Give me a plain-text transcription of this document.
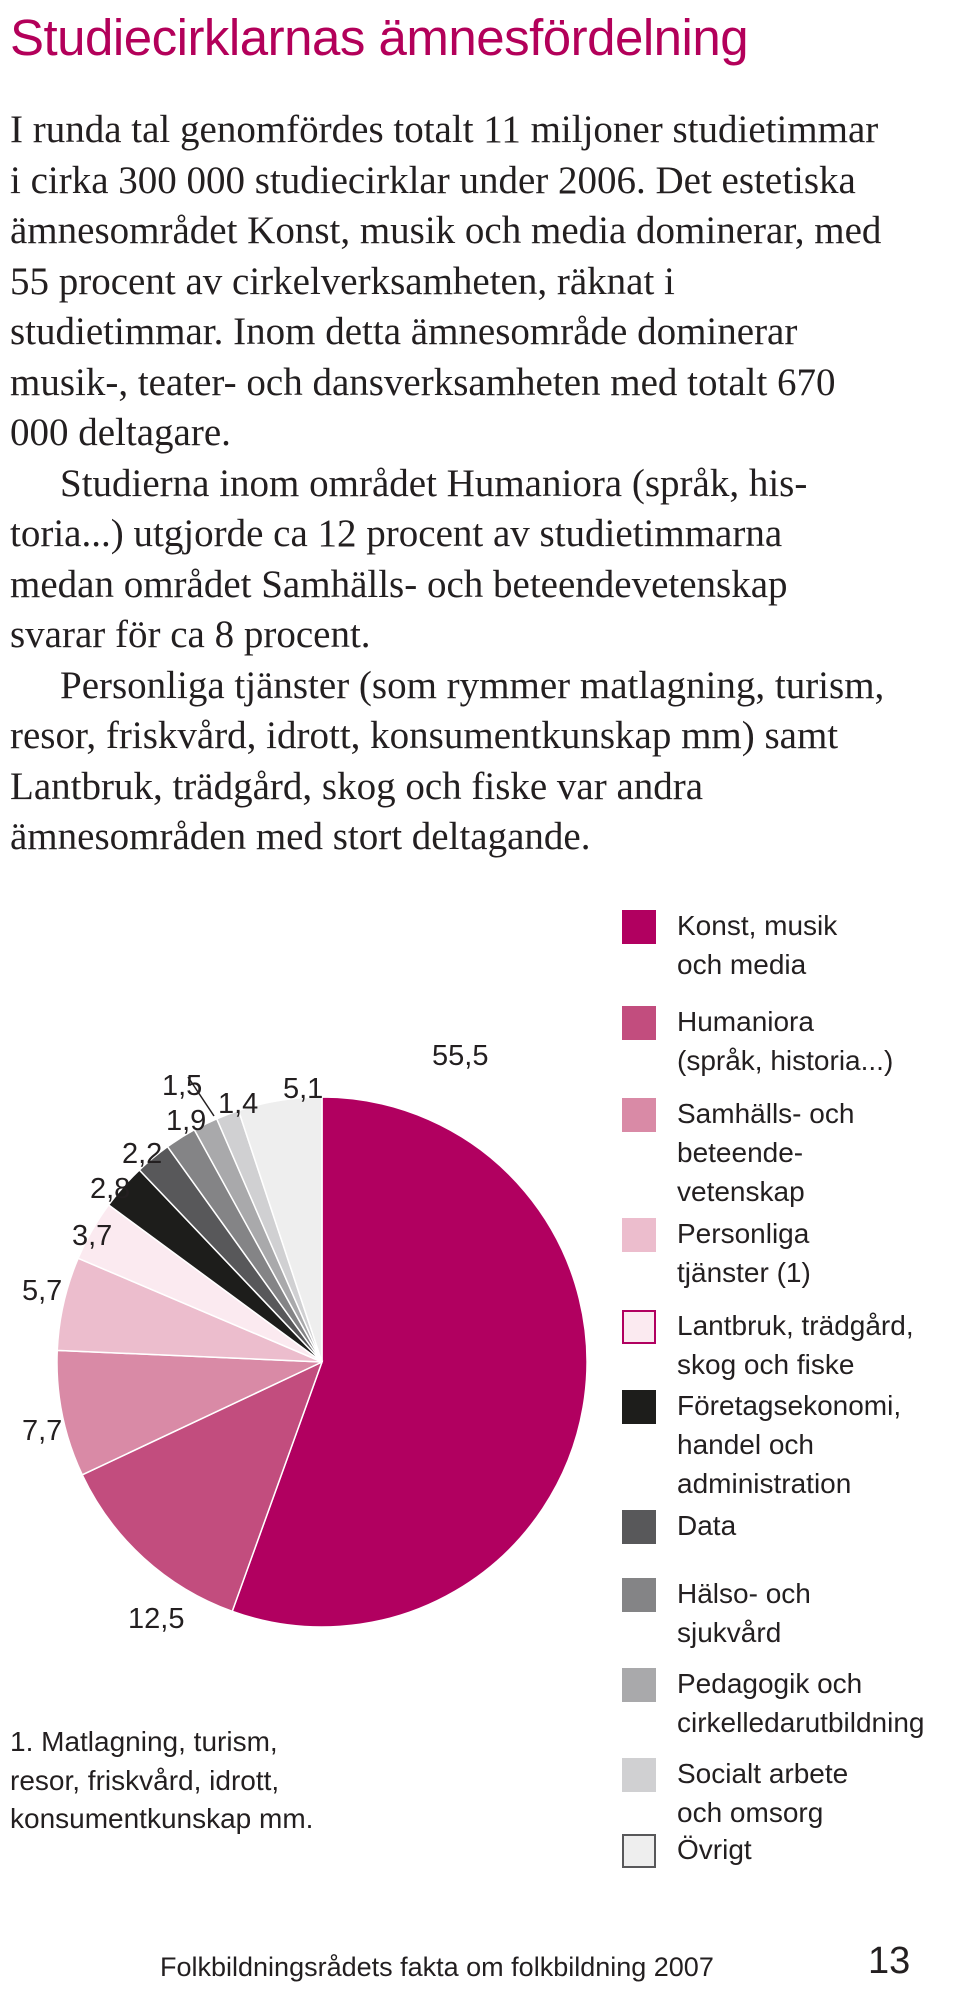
Studiecirklarnas ämnesfördelning

I runda tal genomfördes totalt 11 miljoner studietimmar i cirka 300 000 studiecirklar under 2006. Det estetiska ämnesområdet Konst, musik och media dominerar, med 55 procent av cirkelverksamheten, räknat i studietimmar. Inom detta ämnesområde dominerar musik-, teater- och dansverksamheten med totalt 670 000 deltagare.

Studierna inom området Humaniora (språk, historia...) utgjorde ca 12 procent av studietimmarna medan området Samhälls- och beteendevetenskap svarar för ca 8 procent.

Personliga tjänster (som rymmer matlagning, turism, resor, friskvård, idrott, konsumentkunskap mm) samt Lantbruk, trädgård, skog och fiske var andra ämnesområden med stort deltagande.

55,5
12,5
7,7
5,7
3,7
2,8
2,2
1,9
1,5
1,4 5,1
Konst, musik
och media
Humaniora
(språk, historia...)
Samhälls- och
beteende-
vetenskap
Personliga
tjänster (1)
Lantbruk, trädgård,
skog och fiske
Företagsekonomi,
handel och
administration
Data
Hälso- och
sjukvård
Pedagogik och
cirkelledarutbildning
Socialt arbete
och omsorg
Övrigt
1. Matlagning, turism,
resor, friskvård, idrott,
konsumentkunskap mm.
Folkbildningsrådets fakta om folkbildning 2007	13
